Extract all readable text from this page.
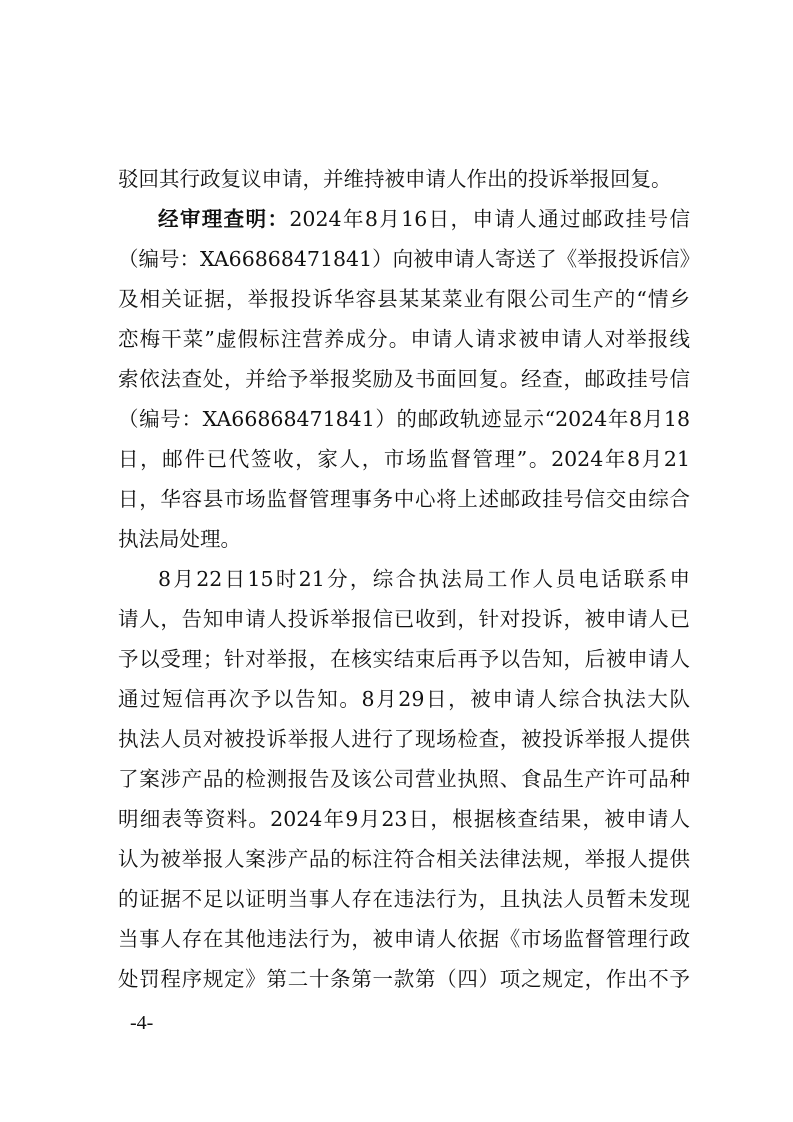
驳回其行政复议申请，并维持被申请人作出的投诉举报回复。

经审理查明：2024年8月16日，申请人通过邮政挂号信

（编号：XA66868471841）向被申请人寄送了《举报投诉信》

及相关证据，举报投诉华容县某某菜业有限公司生产的“情乡

恋梅干菜”虚假标注营养成分。申请人请求被申请人对举报线

索依法查处，并给予举报奖励及书面回复。经查，邮政挂号信

（编号：XA66868471841）的邮政轨迹显示“2024年8月18

日，邮件已代签收，家人，市场监督管理”。2024年8月21

日，华容县市场监督管理事务中心将上述邮政挂号信交由综合

执法局处理。

8月22日15时21分，综合执法局工作人员电话联系申

请人，告知申请人投诉举报信已收到，针对投诉，被申请人已

予以受理；针对举报，在核实结束后再予以告知，后被申请人

通过短信再次予以告知。8月29日，被申请人综合执法大队

执法人员对被投诉举报人进行了现场检查，被投诉举报人提供

了案涉产品的检测报告及该公司营业执照、食品生产许可品种

明细表等资料。2024年9月23日，根据核查结果，被申请人

认为被举报人案涉产品的标注符合相关法律法规，举报人提供

的证据不足以证明当事人存在违法行为，且执法人员暂未发现

当事人存在其他违法行为，被申请人依据《市场监督管理行政

处罚程序规定》第二十条第一款第（四）项之规定，作出不予

-4-
